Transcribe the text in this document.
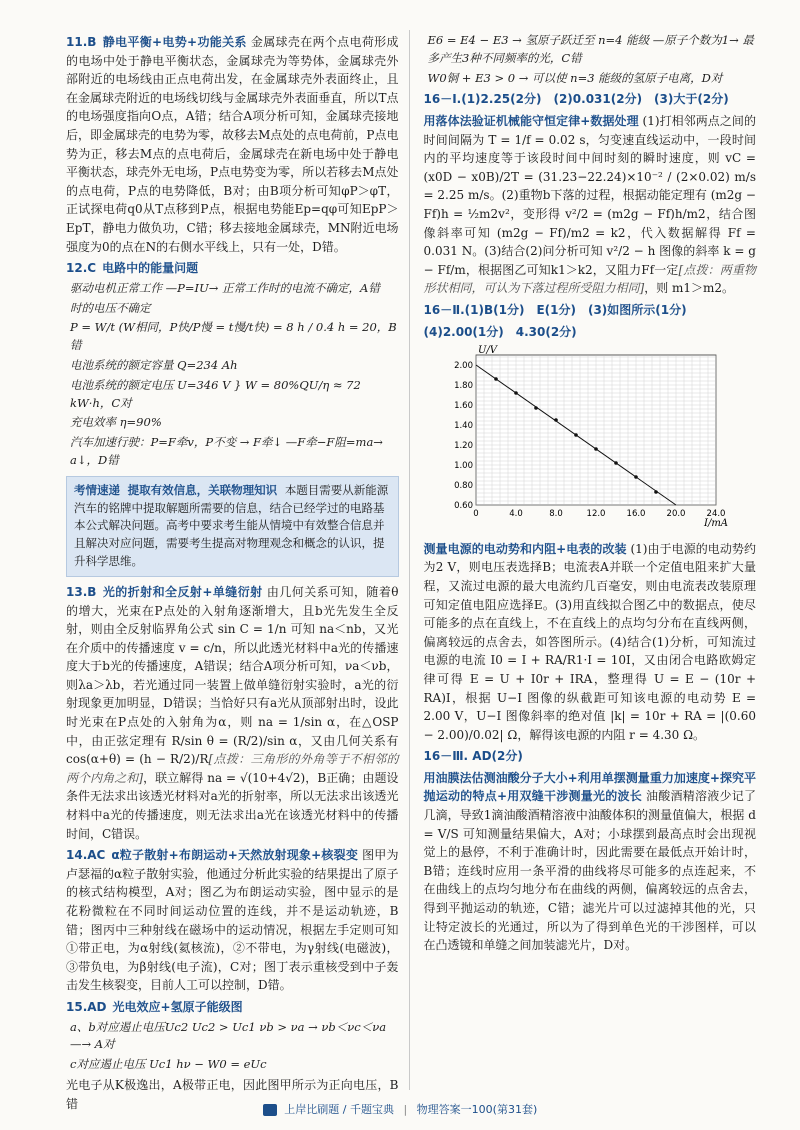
11.B 静电平衡+电势+功能关系 金属球壳在两个点电荷形成的电场中处于静电平衡状态，金属球壳为等势体，金属球壳外部附近的电场线由正点电荷出发，在金属球壳外表面终止，且在金属球壳附近的电场线切线与金属球壳外表面垂直，所以T点的电场强度指向O点，A错；结合A项分析可知，金属球壳接地后，即金属球壳的电势为零，故移去M点处的点电荷前，P点电势为正，移去M点的点电荷后，金属球壳在新电场中处于静电平衡状态，球壳外无电场，P点电势变为零，所以若移去M点处的点电荷，P点的电势降低，B对；由B项分析可知φP＞φT，正试探电荷q0从T点移到P点，根据电势能Ep=qφ可知EpP＞EpT，静电力做负功，C错；移去接地金属球壳，MN附近电场强度为0的点在N的右侧水平线上，只有一处，D错。

12.C 电路中的能量问题

驱动电机正常工作 —P=IU→ 正常工作时的电流不确定，A错
时的电压不确定
P = W/t (W相同，P快/P慢 = t慢/t快) = 8 h / 0.4 h = 20，B错
电池系统的额定容量 Q=234 Ah
电池系统的额定电压 U=346 V } W = 80%QU/η ≈ 72 kW·h，C对
充电效率 η=90%
汽车加速行驶：P=F牵v，P不变 → F牵↓ —F牵−F阻=ma→ a↓，D错
考情速递 提取有效信息，关联物理知识 本题目需要从新能源汽车的铭牌中提取解题所需要的信息，结合已经学过的电路基本公式解决问题。高考中要求考生能从情境中有效整合信息并且解决对应问题，需要考生提高对物理观念和概念的认识，提升科学思维。

13.B 光的折射和全反射+单缝衍射 由几何关系可知，随着θ的增大，光束在P点处的入射角逐渐增大，且b光先发生全反射，则由全反射临界角公式 sin C = 1/n 可知 na＜nb，又光在介质中的传播速度 v = c/n，所以此透光材料中a光的传播速度大于b光的传播速度，A错误；结合A项分析可知，νa＜νb，则λa＞λb，若光通过同一装置上做单缝衍射实验时，a光的衍射现象更加明显，D错误；当恰好只有a光从顶部射出时，设此时光束在P点处的入射角为α，则 na = 1/sin α，在△OSP中，由正弦定理有 R/sin θ = (R/2)/sin α，又由几何关系有 cos(α+θ) = (h − R/2)/R[点拨：三角形的外角等于不相邻的两个内角之和]，联立解得 na = √(10+4√2)，B正确；由题设条件无法求出该透光材料对a光的折射率，所以无法求出该透光材料中a光的传播速度，则无法求出a光在该透光材料中的传播时间，C错误。

14.AC α粒子散射+布朗运动+天然放射现象+核裂变 图甲为卢瑟福的α粒子散射实验，他通过分析此实验的结果提出了原子的核式结构模型，A对；图乙为布朗运动实验，图中显示的是花粉微粒在不同时间运动位置的连线，并不是运动轨迹，B错；图丙中三种射线在磁场中的运动情况，根据左手定则可知①带正电，为α射线(氦核流)，②不带电，为γ射线(电磁波)，③带负电，为β射线(电子流)，C对；图丁表示重核受到中子轰击发生核裂变，目前人工可以控制，D错。

15.AD 光电效应+氢原子能级图

a、b对应遏止电压Uc2 Uc2 > Uc1 νb > νa → νb＜νc＜νa —→ A对
c对应遏止电压 Uc1 hν − W0 = eUc

光电子从K极逸出，A极带正电，因此图甲所示为正向电压，B错

E6 = E4 − E3 → 氢原子跃迁至 n=4 能级 —原子个数为1→ 最多产生3种不同频率的光，C错
W0铜 + E3 > 0 → 可以使 n=3 能级的氢原子电离，D对
16－Ⅰ.(1)2.25(2分)　(2)0.031(2分)　(3)大于(2分)

用落体法验证机械能守恒定律+数据处理 (1)打相邻两点之间的时间间隔为 T = 1/f = 0.02 s，匀变速直线运动中，一段时间内的平均速度等于该段时间中间时刻的瞬时速度，则 vC = (x0D − x0B)/2T = (31.23−22.24)×10⁻² / (2×0.02) m/s = 2.25 m/s。(2)重物b下落的过程，根据动能定理有 (m2g − Ff)h = ½m2v²，变形得 v²/2 = (m2g − Ff)h/m2，结合图像斜率可知 (m2g − Ff)/m2 = k2，代入数据解得 Ff = 0.031 N。(3)结合(2)问分析可知 v²/2 − h 图像的斜率 k = g − Ff/m，根据图乙可知k1＞k2，又阻力Ff一定[点拨：两重物形状相同，可认为下落过程所受阻力相同]，则 m1＞m2。

16－Ⅱ.(1)B(1分)　E(1分)　(3)如图所示(1分)
(4)2.00(1分)　4.30(2分)
0	4.0	8.0	12.0 16.0 20.0 24.0
0.60
0.80
1.00
1.20
1.40
1.60
1.80
2.00
U/V
I/mA

测量电源的电动势和内阻+电表的改装 (1)由于电源的电动势约为2 V，则电压表选择B；电流表A并联一个定值电阻来扩大量程，又流过电源的最大电流约几百毫安，则由电流表改装原理可知定值电阻应选择E。(3)用直线拟合图乙中的数据点，使尽可能多的点在直线上，不在直线上的点均匀分布在直线两侧，偏离较远的点舍去，如答图所示。(4)结合(1)分析，可知流过电源的电流 I0 = I + RA/R1·I = 10I，又由闭合电路欧姆定律可得 E = U + I0r + IRA，整理得 U = E − (10r + RA)I，根据 U−I 图像的纵截距可知该电源的电动势 E = 2.00 V，U−I 图像斜率的绝对值 |k| = 10r + RA = |(0.60 − 2.00)/0.02| Ω，解得该电源的内阻 r = 4.30 Ω。

16－Ⅲ. AD(2分)

用油膜法估测油酸分子大小+利用单摆测量重力加速度+探究平抛运动的特点+用双缝干涉测量光的波长 油酸酒精溶液少记了几滴，导致1滴油酸酒精溶液中油酸体积的测量值偏大，根据 d = V/S 可知测量结果偏大，A对；小球摆到最高点时会出现视觉上的悬停，不利于准确计时，因此需要在最低点开始计时，B错；连线时应用一条平滑的曲线将尽可能多的点连起来，不在曲线上的点均匀地分布在曲线的两侧，偏离较远的点舍去，得到平抛运动的轨迹，C错；滤光片可以过滤掉其他的光，只让特定波长的光通过，所以为了得到单色光的干涉图样，可以在凸透镜和单缝之间加装滤光片，D对。

上岸比刷题 / 千题宝典 | 物理答案一100(第31套)
